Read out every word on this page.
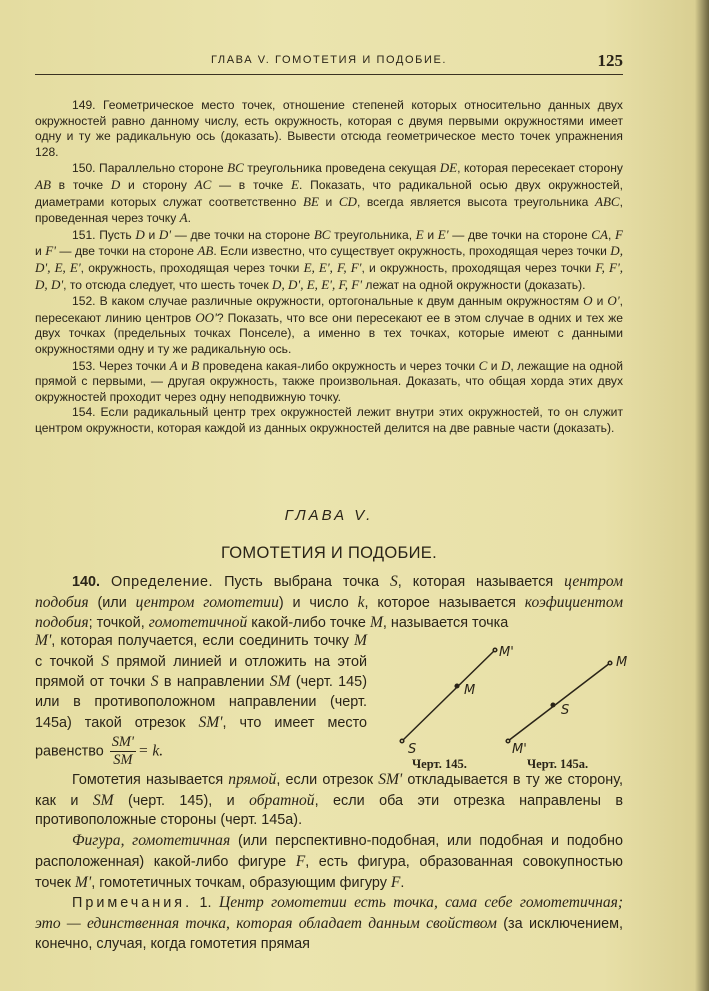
ГЛАВА V. ГОМОТЕТИЯ И ПОДОБИЕ.	125

149. Геометрическое место точек, отношение степеней которых относительно данных двух окружностей равно данному числу, есть окружность, которая с двумя первыми окружностями имеет одну и ту же радикальную ось (доказать). Вывести отсюда геометрическое место точек упражнения 128.

150. Параллельно стороне BC треугольника проведена секущая DE, которая пересекает сторону AB в точке D и сторону AC — в точке E. Показать, что радикальной осью двух окружностей, диаметрами которых служат соответственно BE и CD, всегда является высота треугольника ABC, проведенная через точку A.

151. Пусть D и D' — две точки на стороне BC треугольника, E и E' — две точки на стороне CA, F и F' — две точки на стороне AB. Если известно, что существует окружность, проходящая через точки D, D', E, E', окружность, проходящая через точки E, E', F, F', и окружность, проходящая через точки F, F', D, D', то отсюда следует, что шесть точек D, D', E, E', F, F' лежат на одной окружности (доказать).

152. В каком случае различные окружности, ортогональные к двум данным окружностям O и O', пересекают линию центров OO'? Показать, что все они пересекают ее в этом случае в одних и тех же двух точках (предельных точках Понселе), а именно в тех точках, которые имеют с данными окружностями одну и ту же радикальную ось.

153. Через точки A и B проведена какая-либо окружность и через точки C и D, лежащие на одной прямой с первыми, — другая окружность, также произвольная. Доказать, что общая хорда этих двух окружностей проходит через одну неподвижную точку.

154. Если радикальный центр трех окружностей лежит внутри этих окружностей, то он служит центром окружности, которая каждой из данных окружностей делится на две равные части (доказать).

ГЛАВА V.
ГОМОТЕТИЯ И ПОДОБИЕ.

140. Определение. Пусть выбрана точка S, которая называется центром подобия (или центром гомотетии) и число k, которое называется коэфициентом подобия; точкой, гомотетичной какой-либо точке M, называется точка

M', которая получается, если соединить точку M с точкой S прямой линией и отложить на этой прямой от точки S в направлении SM (черт. 145) или в противоположном направлении (черт. 145а) такой отрезок SM', что имеет место равенство $\frac{SM'}{SM} = k$.

Гомотетия называется прямой, если отрезок SM' откладывается в ту же сторону, как и SM (черт. 145), и обратной, если оба эти отрезка направлены в противоположные стороны (черт. 145а).

Фигура, гомотетичная (или перспективно-подобная, или подобная и подобно расположенная) какой-либо фигуре F, есть фигура, образованная совокупностью точек M', гомотетичных точкам, образующим фигуру F.

Примечания. 1. Центр гомотетии есть точка, сама себе гомотетичная; это — единственная точка, которая обладает данным свойством (за исключением, конечно, случая, когда гомотетия прямая

S
M
M'
M'
S
M
Черт. 145.	Черт. 145а.
